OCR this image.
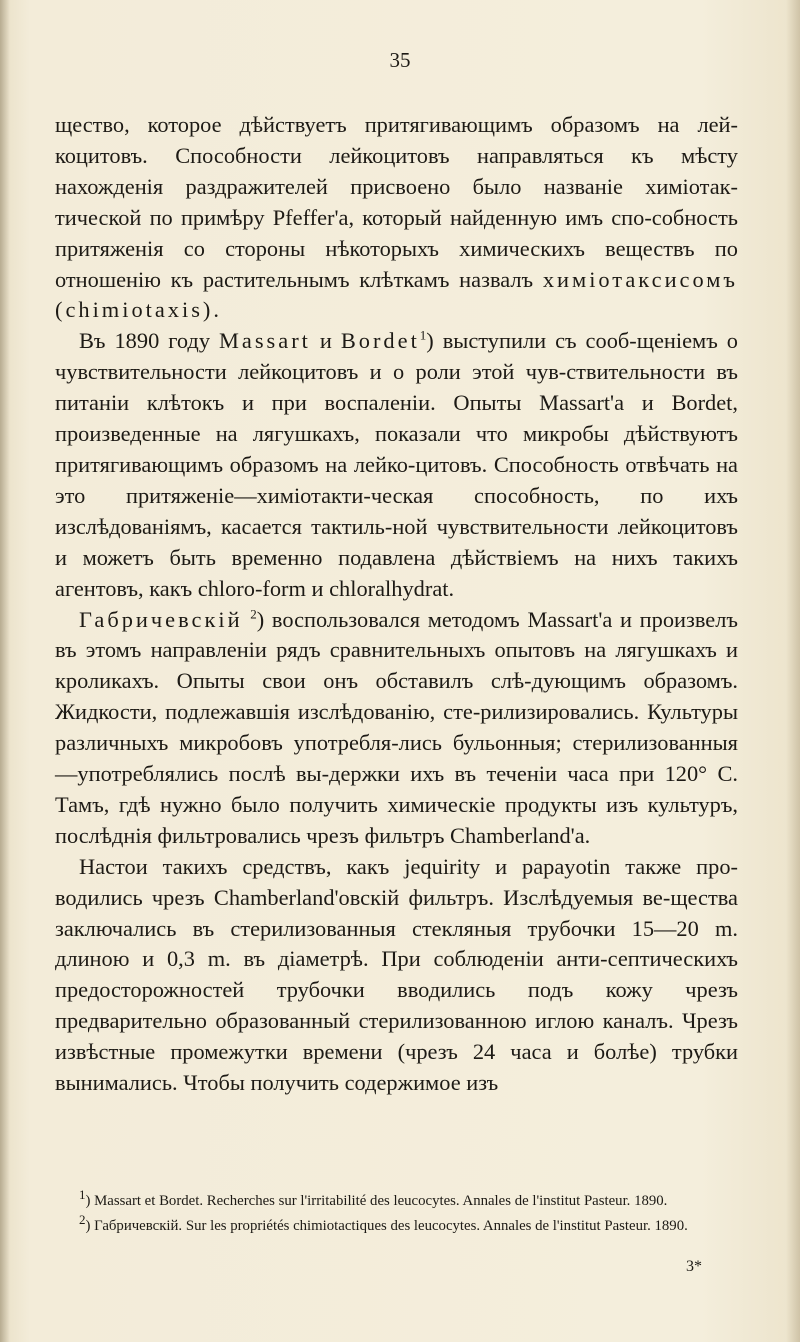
35

щество, которое дѣйствуетъ притягивающимъ образомъ на лей-коцитовъ. Способности лейкоцитовъ направляться къ мѣсту нахожденія раздражителей присвоено было названіе химіотак-тической по примѣру Pfeffer'а, который найденную имъ спо-собность притяженія со стороны нѣкоторыхъ химическихъ веществъ по отношенію къ растительнымъ клѣткамъ назвалъ химіотаксисомъ (chimiotaxis).

Въ 1890 году Massart и Bordet$^1$) выступили съ сооб-щеніемъ о чувствительности лейкоцитовъ и о роли этой чув-ствительности въ питаніи клѣтокъ и при воспаленіи. Опыты Massart'а и Bordet, произведенные на лягушкахъ, показали что микробы дѣйствуютъ притягивающимъ образомъ на лейко-цитовъ. Способность отвѣчать на это притяженіе—химіотакти-ческая способность, по ихъ изслѣдованіямъ, касается тактиль-ной чувствительности лейкоцитовъ и можетъ быть временно подавлена дѣйствіемъ на нихъ такихъ агентовъ, какъ chloro-form и chloralhydrat.

Габричевскій $^2$) воспользовался методомъ Massart'а и произвелъ въ этомъ направленіи рядъ сравнительныхъ опытовъ на лягушкахъ и кроликахъ. Опыты свои онъ обставилъ слѣ-дующимъ образомъ. Жидкости, подлежавшія изслѣдованію, сте-рилизировались. Культуры различныхъ микробовъ употребля-лись бульонныя; стерилизованныя—употреблялись послѣ вы-держки ихъ въ теченіи часа при 120° С. Тамъ, гдѣ нужно было получить химическіе продукты изъ культуръ, послѣднія фильтровались чрезъ фильтръ Chamberland'а.

Настои такихъ средствъ, какъ jequirity и papayotin также про-водились чрезъ Chamberland'овскій фильтръ. Изслѣдуемыя ве-щества заключались въ стерилизованныя стекляныя трубочки 15—20 m. длиною и 0,3 m. въ діаметрѣ. При соблюденіи анти-септическихъ предосторожностей трубочки вводились подъ кожу чрезъ предварительно образованный стерилизованною иглою каналъ. Чрезъ извѣстные промежутки времени (чрезъ 24 часа и болѣе) трубки вынимались. Чтобы получить содержимое изъ

$^1$) Massart et Bordet. Recherches sur l'irritabilité des leucocytes. Annales de l'institut Pasteur. 1890.

$^2$) Габричевскій. Sur les propriétés chimiotactiques des leucocytes. Annales de l'institut Pasteur. 1890.

3*
